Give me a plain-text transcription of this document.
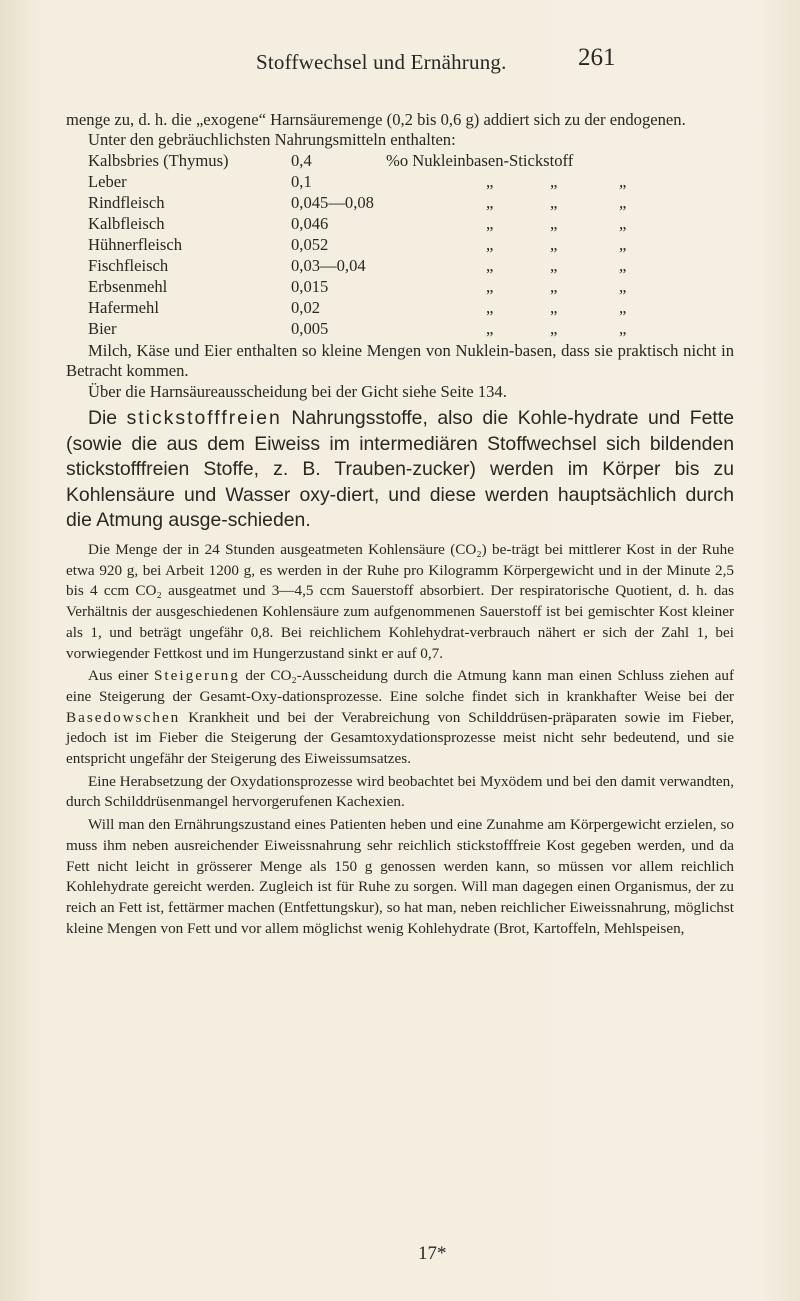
Stoffwechsel und Ernährung.	261

menge zu, d. h. die „exogene“ Harnsäuremenge (0,2 bis 0,6 g) addiert sich zu der endogenen.

Unter den gebräuchlichsten Nahrungsmitteln enthalten:

Kalbsbries (Thymus)	0,4	%o Nukleinbasen-Stickstoff
Leber	0,1	„	„	„
Rindfleisch	0,045—0,08	„	„	„
Kalbfleisch	0,046	„	„	„
Hühnerfleisch	0,052	„	„	„
Fischfleisch	0,03—0,04	„	„	„
Erbsenmehl	0,015	„	„	„
Hafermehl	0,02	„	„	„
Bier	0,005	„	„	„

Milch, Käse und Eier enthalten so kleine Mengen von Nuklein-basen, dass sie praktisch nicht in Betracht kommen.

Über die Harnsäureausscheidung bei der Gicht siehe Seite 134.

Die stickstofffreien Nahrungsstoffe, also die Kohle-hydrate und Fette (sowie die aus dem Eiweiss im intermediären Stoffwechsel sich bildenden stickstofffreien Stoffe, z. B. Trauben-zucker) werden im Körper bis zu Kohlensäure und Wasser oxy-diert, und diese werden hauptsächlich durch die Atmung ausge-schieden.

Die Menge der in 24 Stunden ausgeatmeten Kohlensäure (CO₂) be-trägt bei mittlerer Kost in der Ruhe etwa 920 g, bei Arbeit 1200 g, es werden in der Ruhe pro Kilogramm Körpergewicht und in der Minute 2,5 bis 4 ccm CO₂ ausgeatmet und 3—4,5 ccm Sauerstoff absorbiert. Der respiratorische Quotient, d. h. das Verhältnis der ausgeschiedenen Kohlensäure zum aufgenommenen Sauerstoff ist bei gemischter Kost kleiner als 1, und beträgt ungefähr 0,8. Bei reichlichem Kohlehydrat-verbrauch nähert er sich der Zahl 1, bei vorwiegender Fettkost und im Hungerzustand sinkt er auf 0,7.

Aus einer Steigerung der CO₂-Ausscheidung durch die Atmung kann man einen Schluss ziehen auf eine Steigerung der Gesamt-Oxy-dationsprozesse. Eine solche findet sich in krankhafter Weise bei der Basedowschen Krankheit und bei der Verabreichung von Schilddrüsen-präparaten sowie im Fieber, jedoch ist im Fieber die Steigerung der Gesamtoxydationsprozesse meist nicht sehr bedeutend, und sie entspricht ungefähr der Steigerung des Eiweissumsatzes.

Eine Herabsetzung der Oxydationsprozesse wird beobachtet bei Myxödem und bei den damit verwandten, durch Schilddrüsenmangel hervorgerufenen Kachexien.

Will man den Ernährungszustand eines Patienten heben und eine Zunahme am Körpergewicht erzielen, so muss ihm neben ausreichender Eiweissnahrung sehr reichlich stickstofffreie Kost gegeben werden, und da Fett nicht leicht in grösserer Menge als 150 g genossen werden kann, so müssen vor allem reichlich Kohlehydrate gereicht werden. Zugleich ist für Ruhe zu sorgen. Will man dagegen einen Organismus, der zu reich an Fett ist, fettärmer machen (Entfettungskur), so hat man, neben reichlicher Eiweissnahrung, möglichst kleine Mengen von Fett und vor allem möglichst wenig Kohlehydrate (Brot, Kartoffeln, Mehlspeisen,

17*
